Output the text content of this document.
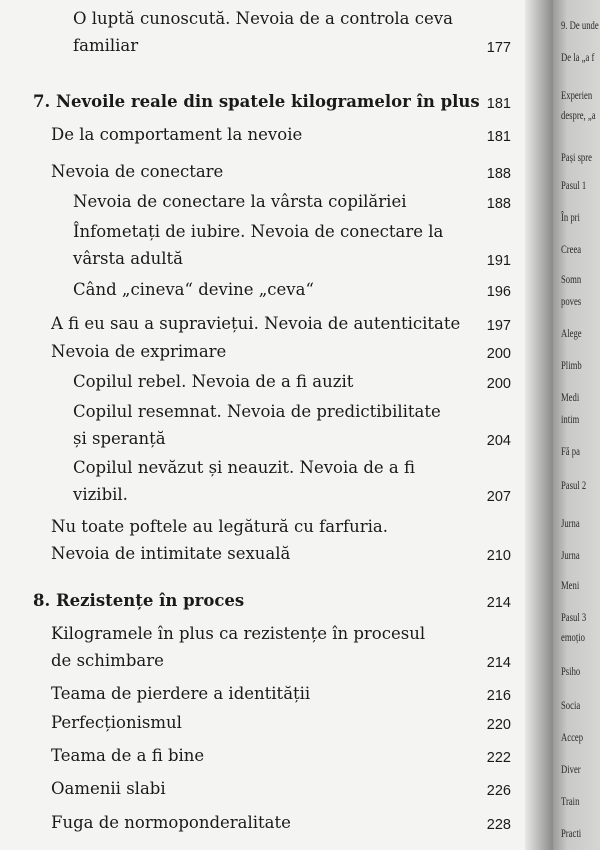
O luptă cunoscută. Nevoia de a controla ceva
familiar	177
7. Nevoile reale din spatele kilogramelor în plus 181
De la comportament la nevoie	181
Nevoia de conectare	188
Nevoia de conectare la vârsta copilăriei	188
Înfometați de iubire. Nevoia de conectare la
vârsta adultă	191
Când „cineva“ devine „ceva“	196
A fi eu sau a supraviețui. Nevoia de autenticitate	197
Nevoia de exprimare	200
Copilul rebel. Nevoia de a fi auzit	200
Copilul resemnat. Nevoia de predictibilitate
și speranță	204
Copilul nevăzut și neauzit. Nevoia de a fi
vizibil.	207
Nu toate poftele au legătură cu farfuria.
Nevoia de intimitate sexuală	210
8. Rezistențe în proces	214
Kilogramele în plus ca rezistențe în procesul
de schimbare	214
Teama de pierdere a identității	216
Perfecționismul	220
Teama de a fi bine	222
Oamenii slabi	226
Fuga de normoponderalitate	228
9. De unde
De la „a f
Experien
despre, „a
Pași spre
Pasul 1
În pri
Creea
Somn
poves
Alege
Plimb
Medi
intim
Fă pa
Pasul 2
Jurna
Jurna
Meni
Pasul 3
emoțio
Psiho
Socia
Accep
Diver
Train
Practi
